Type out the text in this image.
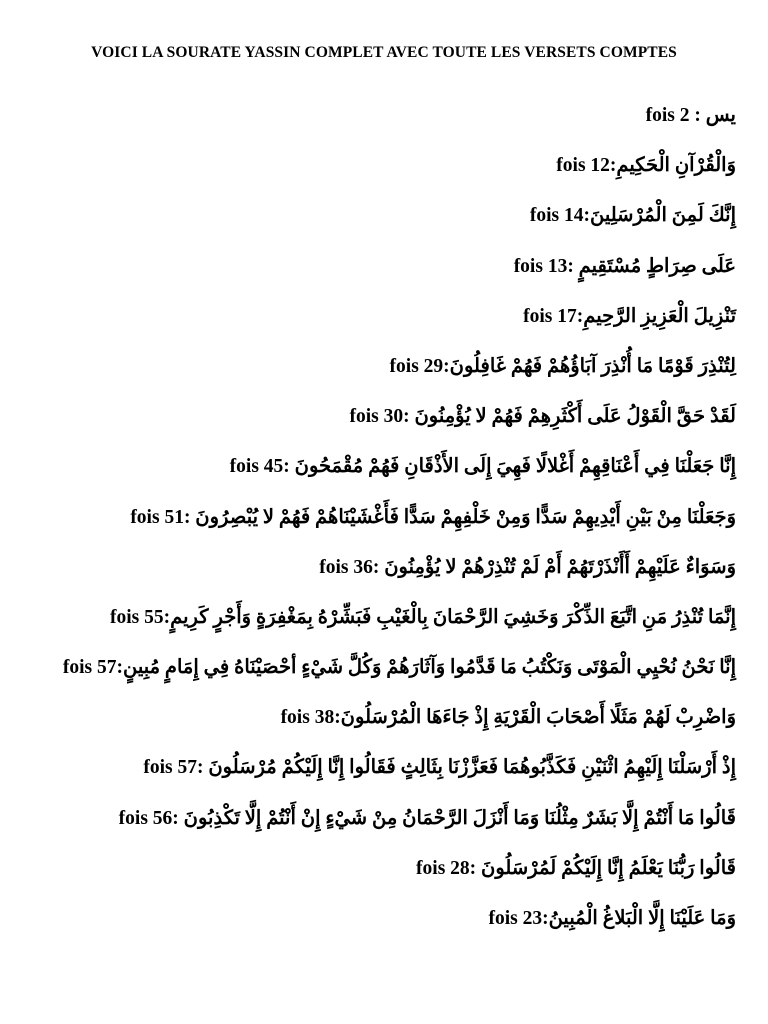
VOICI LA SOURATE YASSIN COMPLET AVEC TOUTE LES VERSETS COMPTES
يس : fois 2
وَالْقُرْآنِ الْحَكِيمِ:fois 12
إِنَّكَ لَمِنَ الْمُرْسَلِينَ:fois 14
عَلَى صِرَاطٍ مُسْتَقِيمٍ :fois 13
تَنْزِيلَ الْعَزِيزِ الرَّحِيمِ:fois 17
لِتُنْذِرَ قَوْمًا مَا أُنْذِرَ آبَاؤُهُمْ فَهُمْ غَافِلُونَ:fois 29
لَقَدْ حَقَّ الْقَوْلُ عَلَى أَكْثَرِهِمْ فَهُمْ لا يُؤْمِنُونَ :fois 30
إِنَّا جَعَلْنَا فِي أَعْنَاقِهِمْ أَغْلالًا فَهِيَ إِلَى الأَذْقَانِ فَهُمْ مُقْمَحُونَ :fois 45
وَجَعَلْنَا مِنْ بَيْنِ أَيْدِيهِمْ سَدًّا وَمِنْ خَلْفِهِمْ سَدًّا فَأَغْشَيْنَاهُمْ فَهُمْ لا يُبْصِرُونَ :fois 51
وَسَوَاءٌ عَلَيْهِمْ أَأَنْذَرْتَهُمْ أَمْ لَمْ تُنْذِرْهُمْ لا يُؤْمِنُونَ :fois 36
إِنَّمَا تُنْذِرُ مَنِ اتَّبَعَ الذِّكْرَ وَخَشِيَ الرَّحْمَانَ بِالْغَيْبِ فَبَشِّرْهُ بِمَغْفِرَةٍ وَأَجْرٍ كَرِيمٍ:fois 55
إِنَّا نَحْنُ نُحْيِي الْمَوْتَى وَنَكْتُبُ مَا قَدَّمُوا وَآثَارَهُمْ وَكُلَّ شَيْءٍ أحْصَيْنَاهُ فِي إِمَامٍ مُبِينٍ:fois 57
وَاضْرِبْ لَهُمْ مَثَلًا أَصْحَابَ الْقَرْيَةِ إِذْ جَاءَهَا الْمُرْسَلُونَ:fois 38
إِذْ أَرْسَلْنَا إِلَيْهِمُ اثْنَيْنِ فَكَذَّبُوهُمَا فَعَزَّزْنَا بِثَالِثٍ فَقَالُوا إِنَّا إِلَيْكُمْ مُرْسَلُونَ :fois 57
قَالُوا مَا أَنْتُمْ إِلَّا بَشَرٌ مِثْلُنَا وَمَا أَنْزَلَ الرَّحْمَانُ مِنْ شَيْءٍ إِنْ أَنْتُمْ إِلَّا تَكْذِبُونَ :fois 56
قَالُوا رَبُّنَا يَعْلَمُ إِنَّا إِلَيْكُمْ لَمُرْسَلُونَ :fois 28
وَمَا عَلَيْنَا إِلَّا الْبَلاغُ الْمُبِينُ:fois 23
